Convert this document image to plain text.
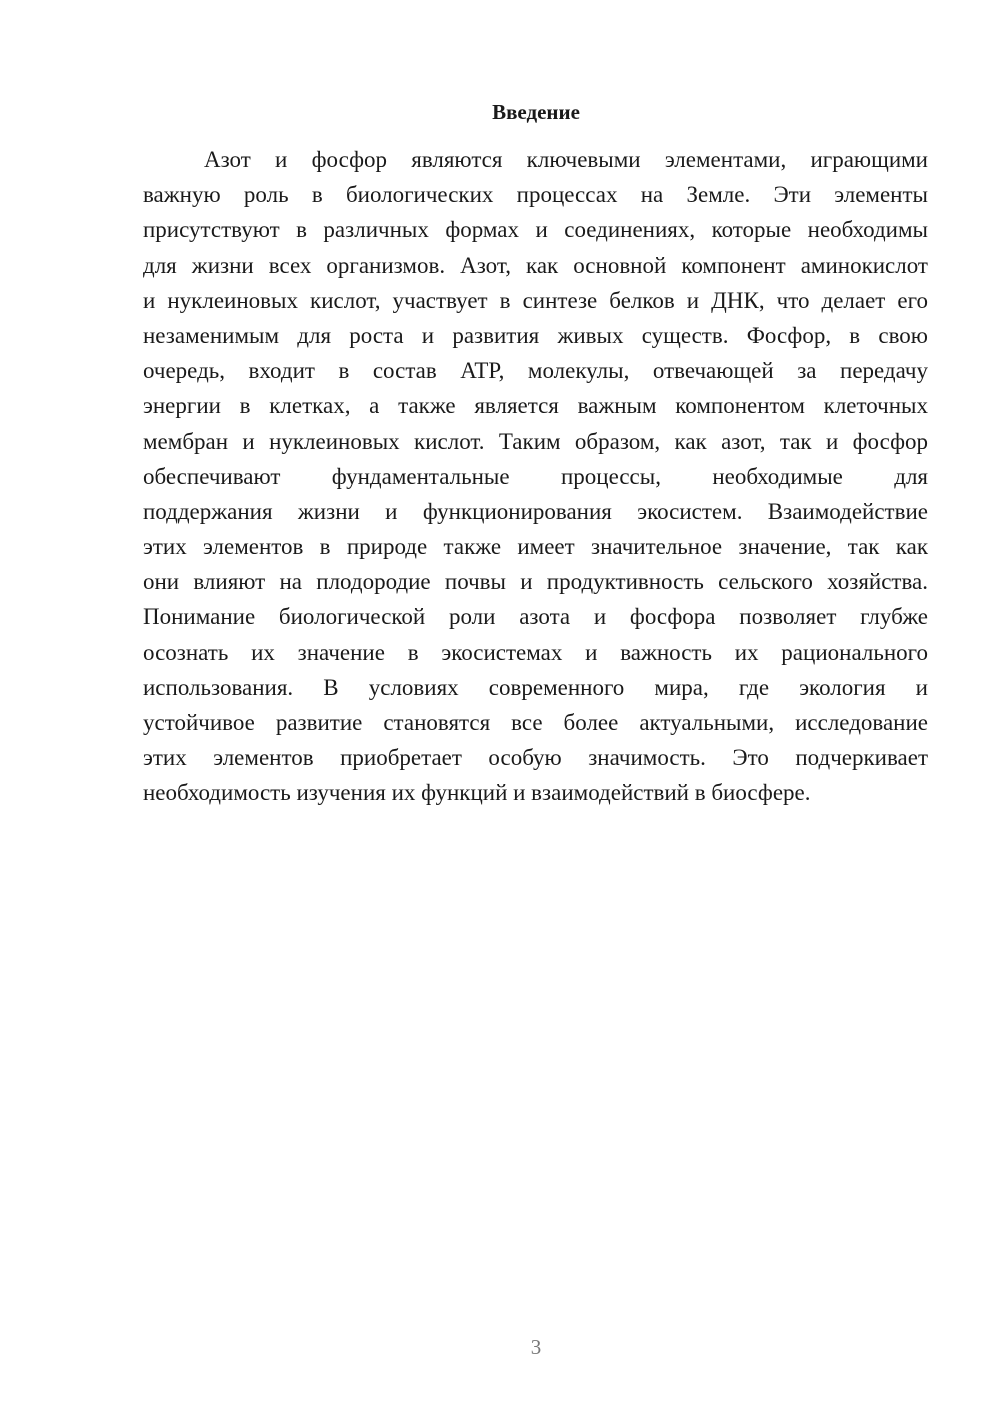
Введение
Азот и фосфор являются ключевыми элементами, играющими
важную роль в биологических процессах на Земле. Эти элементы
присутствуют в различных формах и соединениях, которые необходимы
для жизни всех организмов. Азот, как основной компонент аминокислот
и нуклеиновых кислот, участвует в синтезе белков и ДНК, что делает его
незаменимым для роста и развития живых существ. Фосфор, в свою
очередь, входит в состав ATP, молекулы, отвечающей за передачу
энергии в клетках, а также является важным компонентом клеточных
мембран и нуклеиновых кислот. Таким образом, как азот, так и фосфор
обеспечивают фундаментальные процессы, необходимые для
поддержания жизни и функционирования экосистем. Взаимодействие
этих элементов в природе также имеет значительное значение, так как
они влияют на плодородие почвы и продуктивность сельского хозяйства.
Понимание биологической роли азота и фосфора позволяет глубже
осознать их значение в экосистемах и важность их рационального
использования. В условиях современного мира, где экология и
устойчивое развитие становятся все более актуальными, исследование
этих элементов приобретает особую значимость. Это подчеркивает
необходимость изучения их функций и взаимодействий в биосфере.
3
